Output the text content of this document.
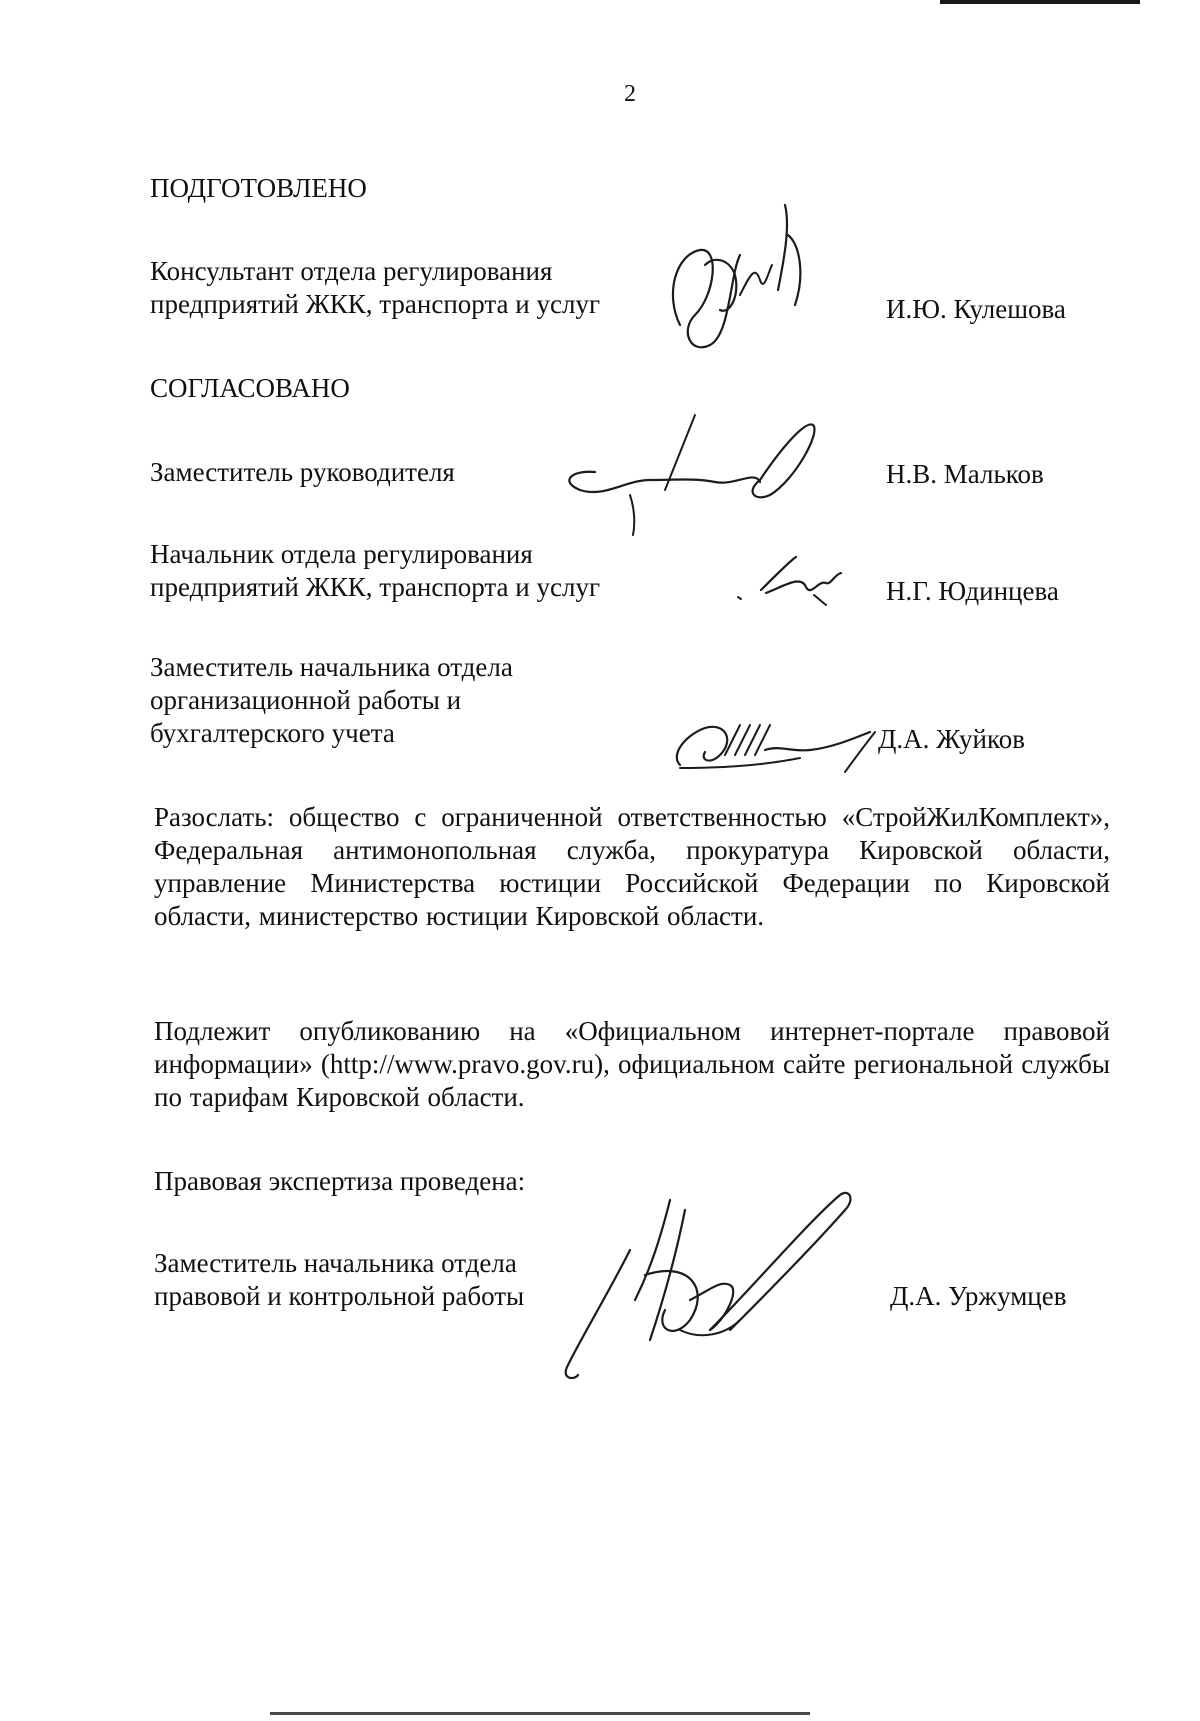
2
ПОДГОТОВЛЕНО
Консультант отдела регулирования
предприятий ЖКК, транспорта и услуг	И.Ю. Кулешова
СОГЛАСОВАНО
Заместитель руководителя	Н.В. Мальков
Начальник отдела регулирования
предприятий ЖКК, транспорта и услуг	Н.Г. Юдинцева
Заместитель начальника отдела
организационной работы и
бухгалтерского учета	Д.А. Жуйков
Разослать: общество с ограниченной ответственностью «СтройЖилКомплект», Федеральная антимонопольная служба, прокуратура Кировской области, управление Министерства юстиции Российской Федерации по Кировской области, министерство юстиции Кировской области.
Подлежит опубликованию на «Официальном интернет-портале правовой информации» (http://www.pravo.gov.ru), официальном сайте региональной службы по тарифам Кировской области.
Правовая экспертиза проведена:
Заместитель начальника отдела
правовой и контрольной работы	Д.А. Уржумцев
